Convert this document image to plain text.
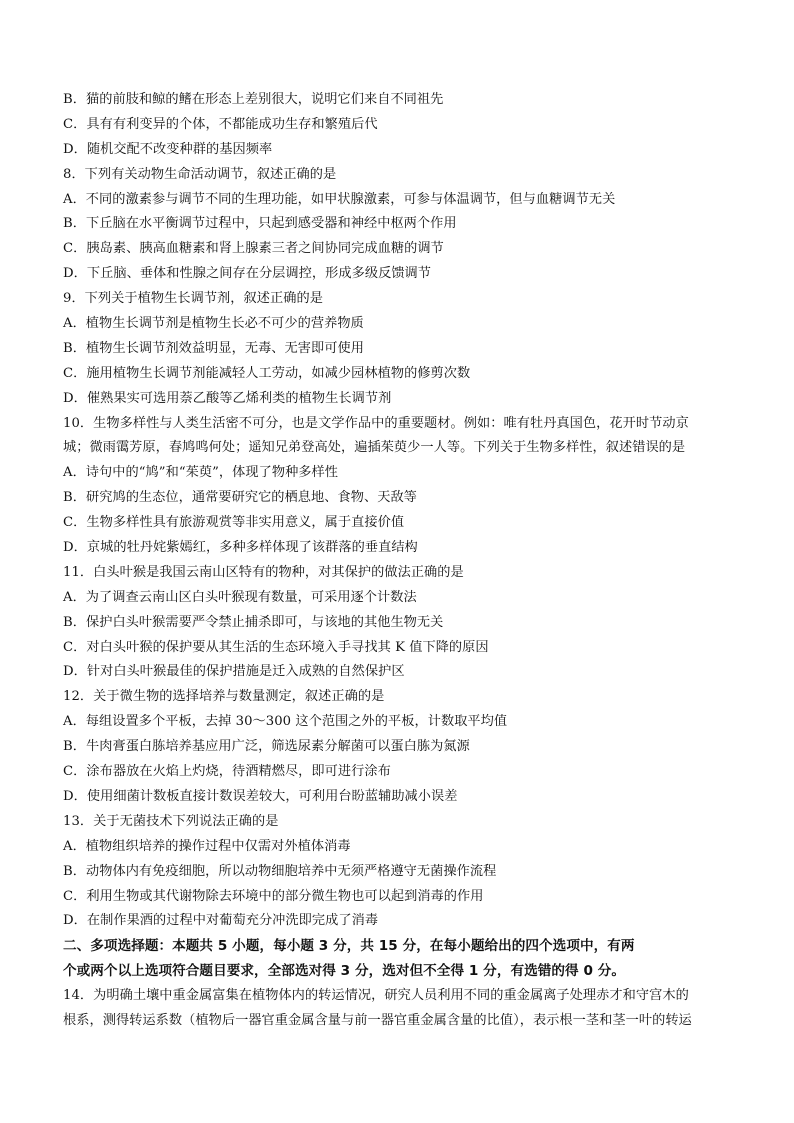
B．猫的前肢和鲸的鳍在形态上差别很大，说明它们来自不同祖先
C．具有有利变异的个体，不都能成功生存和繁殖后代
D．随机交配不改变种群的基因频率
8．下列有关动物生命活动调节，叙述正确的是
A．不同的激素参与调节不同的生理功能，如甲状腺激素，可参与体温调节，但与血糖调节无关
B．下丘脑在水平衡调节过程中，只起到感受器和神经中枢两个作用
C．胰岛素、胰高血糖素和肾上腺素三者之间协同完成血糖的调节
D．下丘脑、垂体和性腺之间存在分层调控，形成多级反馈调节
9．下列关于植物生长调节剂，叙述正确的是
A．植物生长调节剂是植物生长必不可少的营养物质
B．植物生长调节剂效益明显，无毒、无害即可使用
C．施用植物生长调节剂能减轻人工劳动，如减少园林植物的修剪次数
D．催熟果实可选用萘乙酸等乙烯利类的植物生长调节剂
10．生物多样性与人类生活密不可分，也是文学作品中的重要题材。例如：唯有牡丹真国色，花开时节动京
城；微雨霭芳原，春鸠鸣何处；遥知兄弟登高处，遍插茱萸少一人等。下列关于生物多样性，叙述错误的是
A．诗句中的“鸠”和“茱萸”，体现了物种多样性
B．研究鸠的生态位，通常要研究它的栖息地、食物、天敌等
C．生物多样性具有旅游观赏等非实用意义，属于直接价值
D．京城的牡丹姹紫嫣红，多种多样体现了该群落的垂直结构
11．白头叶猴是我国云南山区特有的物种，对其保护的做法正确的是
A．为了调查云南山区白头叶猴现有数量，可采用逐个计数法
B．保护白头叶猴需要严令禁止捕杀即可，与该地的其他生物无关
C．对白头叶猴的保护要从其生活的生态环境入手寻找其 K 值下降的原因
D．针对白头叶猴最佳的保护措施是迁入成熟的自然保护区
12．关于微生物的选择培养与数量测定，叙述正确的是
A．每组设置多个平板，去掉 30～300 这个范围之外的平板，计数取平均值
B．牛肉膏蛋白胨培养基应用广泛，筛选尿素分解菌可以蛋白胨为氮源
C．涂布器放在火焰上灼烧，待酒精燃尽，即可进行涂布
D．使用细菌计数板直接计数误差较大，可利用台盼蓝辅助减小误差
13．关于无菌技术下列说法正确的是
A．植物组织培养的操作过程中仅需对外植体消毒
B．动物体内有免疫细胞，所以动物细胞培养中无须严格遵守无菌操作流程
C．利用生物或其代谢物除去环境中的部分微生物也可以起到消毒的作用
D．在制作果酒的过程中对葡萄充分冲洗即完成了消毒
二、多项选择题：本题共 5 小题，每小题 3 分，共 15 分，在每小题给出的四个选项中，有两
个或两个以上选项符合题目要求，全部选对得 3 分，选对但不全得 1 分，有选错的得 0 分。
14．为明确土壤中重金属富集在植物体内的转运情况，研究人员利用不同的重金属离子处理赤才和守宫木的
根系，测得转运系数（植物后一器官重金属含量与前一器官重金属含量的比值），表示根一茎和茎一叶的转运
